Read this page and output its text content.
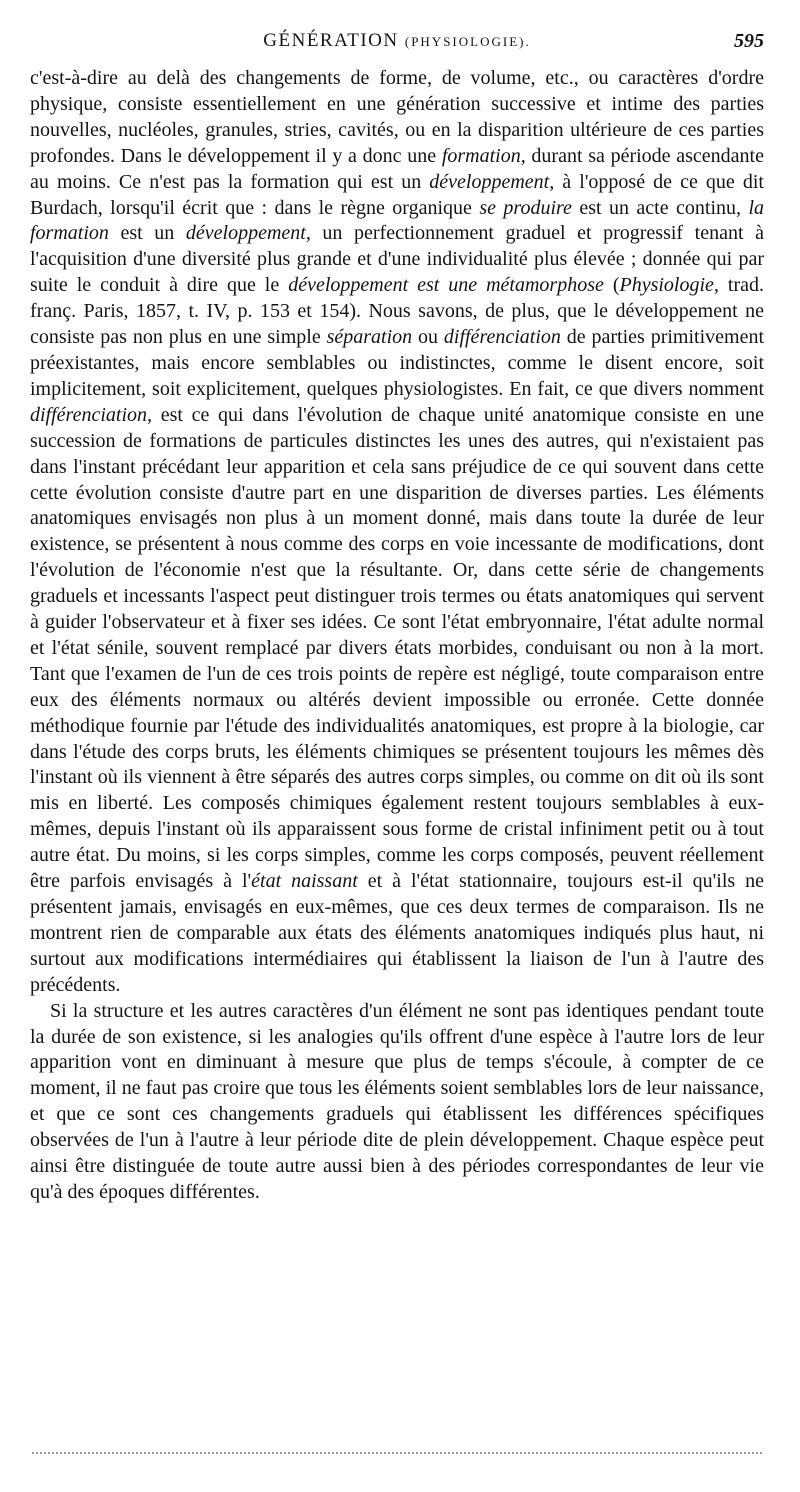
GÉNÉRATION (PHYSIOLOGIE).	595

c'est-à-dire au delà des changements de forme, de volume, etc., ou caractères d'ordre physique, consiste essentiellement en une génération successive et intime des parties nouvelles, nucléoles, granules, stries, cavités, ou en la disparition ultérieure de ces parties profondes. Dans le développement il y a donc une formation, durant sa période ascendante au moins. Ce n'est pas la formation qui est un développement, à l'opposé de ce que dit Burdach, lorsqu'il écrit que : dans le règne organique se produire est un acte continu, la formation est un développement, un perfectionnement graduel et progressif tenant à l'acquisition d'une diversité plus grande et d'une individualité plus élevée ; donnée qui par suite le conduit à dire que le développement est une métamorphose (Physiologie, trad. franç. Paris, 1857, t. IV, p. 153 et 154). Nous savons, de plus, que le développement ne consiste pas non plus en une simple séparation ou différenciation de parties primitivement préexistantes, mais encore semblables ou indistinctes, comme le disent encore, soit implicitement, soit explicitement, quelques physiologistes. En fait, ce que divers nomment différenciation, est ce qui dans l'évolution de chaque unité anatomique consiste en une succession de formations de particules distinctes les unes des autres, qui n'existaient pas dans l'instant précédant leur apparition et cela sans préjudice de ce qui souvent dans cette cette évolution consiste d'autre part en une disparition de diverses parties. Les éléments anatomiques envisagés non plus à un moment donné, mais dans toute la durée de leur existence, se présentent à nous comme des corps en voie incessante de modifications, dont l'évolution de l'économie n'est que la résultante. Or, dans cette série de changements graduels et incessants l'aspect peut distinguer trois termes ou états anatomiques qui servent à guider l'observateur et à fixer ses idées. Ce sont l'état embryonnaire, l'état adulte normal et l'état sénile, souvent remplacé par divers états morbides, conduisant ou non à la mort. Tant que l'examen de l'un de ces trois points de repère est négligé, toute comparaison entre eux des éléments normaux ou altérés devient impossible ou erronée. Cette donnée méthodique fournie par l'étude des individualités anatomiques, est propre à la biologie, car dans l'étude des corps bruts, les éléments chimiques se présentent toujours les mêmes dès l'instant où ils viennent à être séparés des autres corps simples, ou comme on dit où ils sont mis en liberté. Les composés chimiques également restent toujours semblables à eux-mêmes, depuis l'instant où ils apparaissent sous forme de cristal infiniment petit ou à tout autre état. Du moins, si les corps simples, comme les corps composés, peuvent réellement être parfois envisagés à l'état naissant et à l'état stationnaire, toujours est-il qu'ils ne présentent jamais, envisagés en eux-mêmes, que ces deux termes de comparaison. Ils ne montrent rien de comparable aux états des éléments anatomiques indiqués plus haut, ni surtout aux modifications intermédiaires qui établissent la liaison de l'un à l'autre des précédents.

Si la structure et les autres caractères d'un élément ne sont pas identiques pendant toute la durée de son existence, si les analogies qu'ils offrent d'une espèce à l'autre lors de leur apparition vont en diminuant à mesure que plus de temps s'écoule, à compter de ce moment, il ne faut pas croire que tous les éléments soient semblables lors de leur naissance, et que ce sont ces changements graduels qui établissent les différences spécifiques observées de l'un à l'autre à leur période dite de plein développement. Chaque espèce peut ainsi être distinguée de toute autre aussi bien à des périodes correspondantes de leur vie qu'à des époques différentes.
